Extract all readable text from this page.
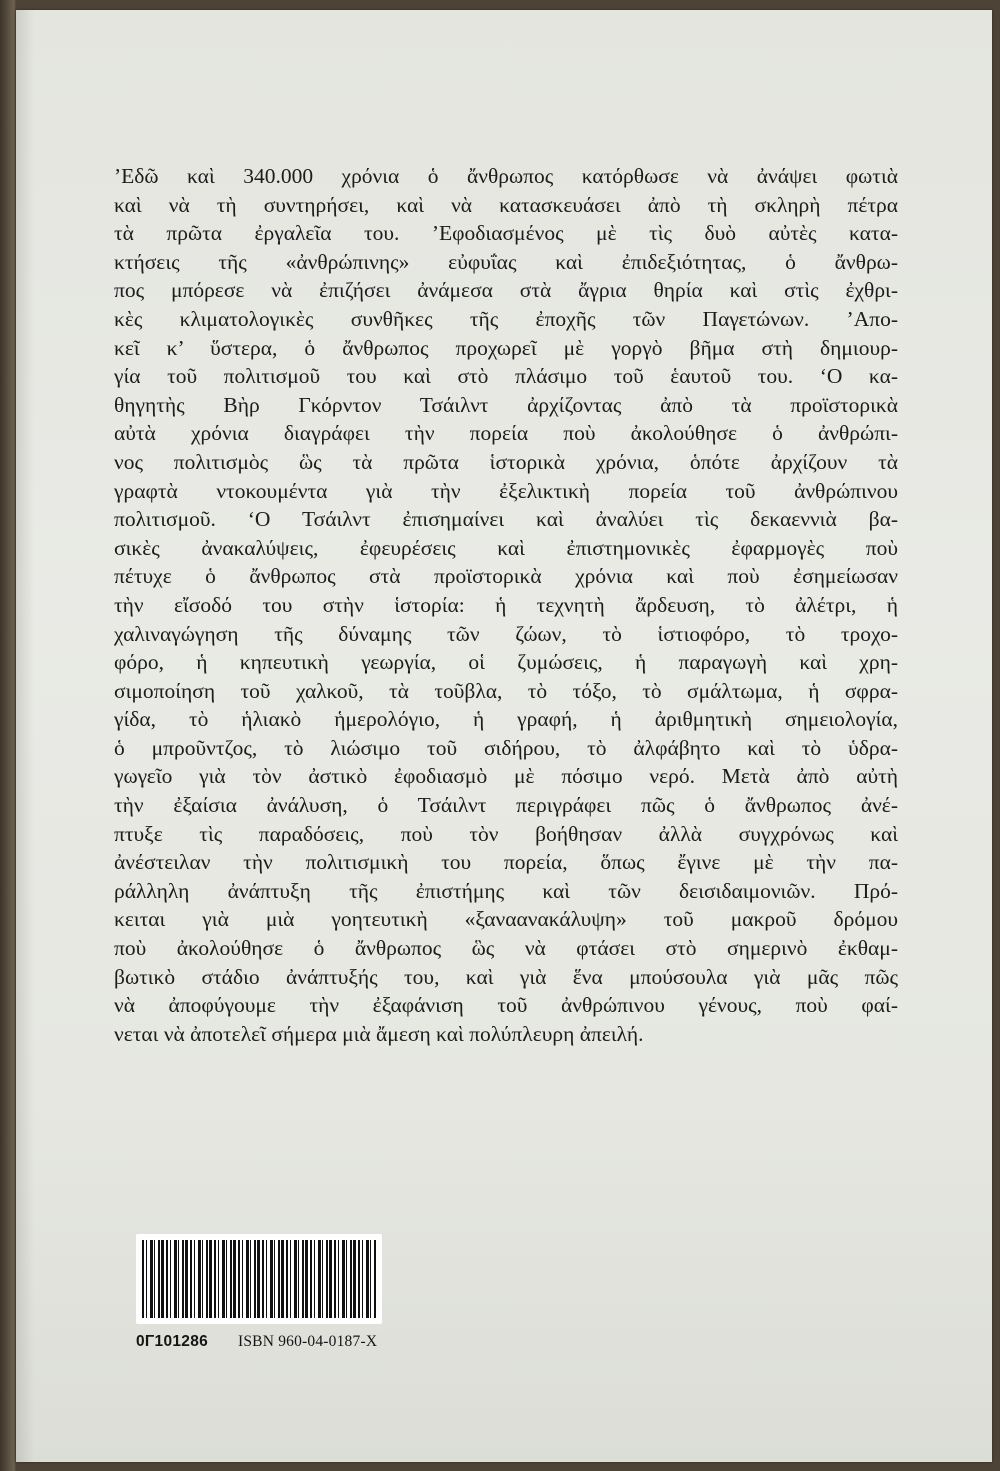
’Εδῶ καὶ 340.000 χρόνια ὁ ἄνθρωπος κατόρθωσε νὰ ἀνάψει φωτιὰ
καὶ νὰ τὴ συντηρήσει, καὶ νὰ κατασκευάσει ἀπὸ τὴ σκληρὴ πέτρα
τὰ πρῶτα ἐργαλεῖα του. ’Εφοδιασμένος μὲ τὶς δυὸ αὐτὲς κατα-
κτήσεις τῆς «ἀνθρώπινης» εὐφυΐας καὶ ἐπιδεξιότητας, ὁ ἄνθρω-
πος μπόρεσε νὰ ἐπιζήσει ἀνάμεσα στὰ ἄγρια θηρία καὶ στὶς ἐχθρι-
κὲς κλιματολογικὲς συνθῆκες τῆς ἐποχῆς τῶν Παγετώνων. ’Απο-
κεῖ κ’ ὕστερα, ὁ ἄνθρωπος προχωρεῖ μὲ γοργὸ βῆμα στὴ δημιουρ-
γία τοῦ πολιτισμοῦ του καὶ στὸ πλάσιμο τοῦ ἑαυτοῦ του. ‘Ο κα-
θηγητὴς Βὴρ Γκόρντον Τσάιλντ ἀρχίζοντας ἀπὸ τὰ προϊστορικὰ
αὐτὰ χρόνια διαγράφει τὴν πορεία ποὺ ἀκολούθησε ὁ ἀνθρώπι-
νος πολιτισμὸς ὣς τὰ πρῶτα ἱστορικὰ χρόνια, ὁπότε ἀρχίζουν τὰ
γραφτὰ ντοκουμέντα γιὰ τὴν ἐξελικτικὴ πορεία τοῦ ἀνθρώπινου
πολιτισμοῦ. ‘Ο Τσάιλντ ἐπισημαίνει καὶ ἀναλύει τὶς δεκαεννιὰ βα-
σικὲς ἀνακαλύψεις, ἐφευρέσεις καὶ ἐπιστημονικὲς ἐφαρμογὲς ποὺ
πέτυχε ὁ ἄνθρωπος στὰ προϊστορικὰ χρόνια καὶ ποὺ ἐσημείωσαν
τὴν εἴσοδό του στὴν ἱστορία: ἡ τεχνητὴ ἄρδευση, τὸ ἀλέτρι, ἡ
χαλιναγώγηση τῆς δύναμης τῶν ζώων, τὸ ἱστιοφόρο, τὸ τροχο-
φόρο, ἡ κηπευτικὴ γεωργία, οἱ ζυμώσεις, ἡ παραγωγὴ καὶ χρη-
σιμοποίηση τοῦ χαλκοῦ, τὰ τοῦβλα, τὸ τόξο, τὸ σμάλτωμα, ἡ σφρα-
γίδα, τὸ ἡλιακὸ ἡμερολόγιο, ἡ γραφή, ἡ ἀριθμητικὴ σημειολογία,
ὁ μπροῦντζος, τὸ λιώσιμο τοῦ σιδήρου, τὸ ἀλφάβητο καὶ τὸ ὑδρα-
γωγεῖο γιὰ τὸν ἀστικὸ ἐφοδιασμὸ μὲ πόσιμο νερό. Μετὰ ἀπὸ αὐτὴ
τὴν ἐξαίσια ἀνάλυση, ὁ Τσάιλντ περιγράφει πῶς ὁ ἄνθρωπος ἀνέ-
πτυξε τὶς παραδόσεις, ποὺ τὸν βοήθησαν ἀλλὰ συγχρόνως καὶ
ἀνέστειλαν τὴν πολιτισμικὴ του πορεία, ὅπως ἔγινε μὲ τὴν πα-
ράλληλη ἀνάπτυξη τῆς ἐπιστήμης καὶ τῶν δεισιδαιμονιῶν. Πρό-
κειται γιὰ μιὰ γοητευτικὴ «ξαναανακάλυψη» τοῦ μακροῦ δρόμου
ποὺ ἀκολούθησε ὁ ἄνθρωπος ὣς νὰ φτάσει στὸ σημερινὸ ἐκθαμ-
βωτικὸ στάδιο ἀνάπτυξής του, καὶ γιὰ ἕνα μπούσουλα γιὰ μᾶς πῶς
νὰ ἀποφύγουμε τὴν ἐξαφάνιση τοῦ ἀνθρώπινου γένους, ποὺ φαί-
νεται νὰ ἀποτελεῖ σήμερα μιὰ ἄμεση καὶ πολύπλευρη ἀπειλή.
0Γ101286 ISBN 960-04-0187-X
